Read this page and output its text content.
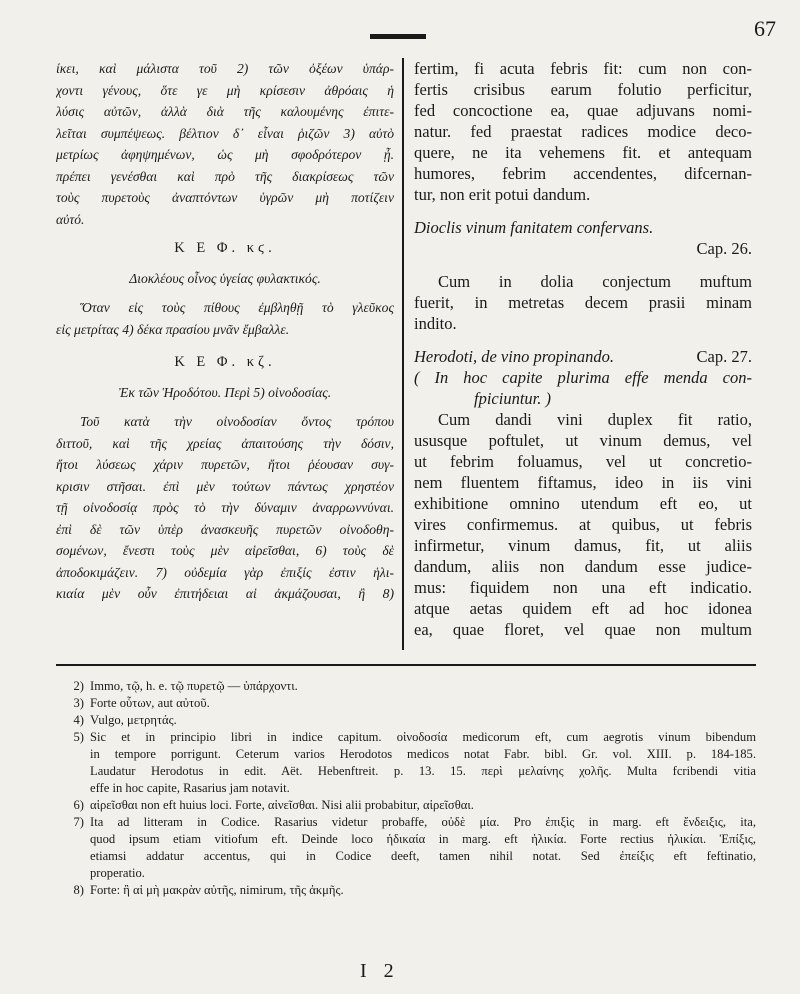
67
ίκει, καὶ μάλιστα τοῦ 2) τῶν ὀξέων ὑπάρ-
χοντι γένους, ὅτε γε μὴ κρίσεσιν ἀθρόαις ἡ
λύσις αὐτῶν, ἀλλὰ διὰ τῆς καλουμένης ἐπιτε-
λεῖται συμπέψεως. βέλτιον δ᾽ εἶναι ῥιζῶν 3) αὐτὸ
μετρίως ἀφηψημένων, ὡς μὴ σφοδρότερον ᾖ.
πρέπει γενέσθαι καὶ πρὸ τῆς διακρίσεως τῶν
τοὺς πυρετοὺς ἀναπτόντων ὑγρῶν μὴ ποτίζειν
αὐτό.
Κ Ε Φ. κϛ.
Διοκλέους οἶνος ὑγείας φυλακτικός.
Ὅταν εἰς τοὺς πίθους ἐμβληθῇ τὸ γλεῦκος
εἰς μετρίτας 4) δέκα πρασίου μνᾶν ἔμβαλλε.
Κ Ε Φ. κζ.
Ἐκ τῶν Ἡροδότου. Περὶ 5) οἰνοδοσίας.
Τοῦ κατὰ τὴν οἰνοδοσίαν ὄντος τρόπου
διττοῦ, καὶ τῆς χρείας ἀπαιτούσης τὴν δόσιν,
ἤτοι λύσεως χάριν πυρετῶν, ἤτοι ῥέουσαν συγ-
κρισιν στῆσαι. ἐπὶ μὲν τούτων πάντως χρηστέον
τῇ οἰνοδοσίᾳ πρὸς τὸ τὴν δύναμιν ἀναρρωννύναι.
ἐπὶ δὲ τῶν ὑπὲρ ἀνασκευῆς πυρετῶν οἰνοδοθη-
σομένων, ἔνεστι τοὺς μὲν αἱρεῖσθαι, 6) τοὺς δὲ
ἀποδοκιμάζειν. 7) οὐδεμία γὰρ ἐπιξίς ἐστιν ἡλι-
κιαία μὲν οὖν ἐπιτήδειαι αἱ ἀκμάζουσαι, ἢ 8)
fertim, fi acuta febris fit: cum non con-
fertis crisibus earum folutio perficitur,
fed concoctione ea, quae adjuvans nomi-
natur. fed praestat radices modice deco-
quere, ne ita vehemens fit. et antequam
humores, febrim accendentes, difcernan-
tur, non erit potui dandum.
Dioclis vinum fanitatem confervans.
Cap. 26.
Cum in dolia conjectum muftum
fuerit, in metretas decem prasii minam
indito.
Herodoti, de vino propinando.	Cap. 27.
( In hoc capite plurima effe menda con-
fpiciuntur. )
Cum dandi vini duplex fit ratio,
ususque poftulet, ut vinum demus, vel
ut febrim foluamus, vel ut concretio-
nem fluentem fiftamus, ideo in iis vini
exhibitione omnino utendum eft eo, ut
vires confirmemus. at quibus, ut febris
infirmetur, vinum damus, fit, ut aliis
dandum, aliis non dandum esse judice-
mus: fiquidem non una eft indicatio.
atque aetas quidem eft ad hoc idonea
ea, quae floret, vel quae non multum
2) Immo, τῷ, h. e. τῷ πυρετῷ — ὑπάρχοντι.
3) Forte οὗτων, aut αὐτοῦ.
4) Vulgo, μετρητάς.
5) Sic et in principio libri in indice capitum. οἰνοδοσία medicorum eft, cum aegrotis vinum bibendum
in tempore porrigunt. Ceterum varios Herodotos medicos notat Fabr. bibl. Gr. vol. XIII. p. 184-185.
Laudatur Herodotus in edit. Aët. Hebenftreit. p. 13. 15. περὶ μελαίνης χολῆς. Multa fcribendi vitia
effe in hoc capite, Rasarius jam notavit.
6) αἱρεῖσθαι non eft huius loci. Forte, αἰνεῖσθαι. Nisi alii probabitur, αἱρεῖσθαι.
7) Ita ad litteram in Codice. Rasarius videtur probaffe, οὐδὲ μία. Pro ἐπιξὶς in marg. eft ἔνδειξις, ita,
quod ipsum etiam vitiofum eft. Deinde loco ἡδικαία in marg. eft ἡλικία. Forte rectius ἡλικίαι. Ἐπίξις,
etiamsi addatur accentus, qui in Codice deeft, tamen nihil notat. Sed ἐπείξις eft feftinatio,
properatio.
8) Forte: ἢ αἱ μὴ μακρὰν αὐτῆς, nimirum, τῆς ἀκμῆς.
I 2
